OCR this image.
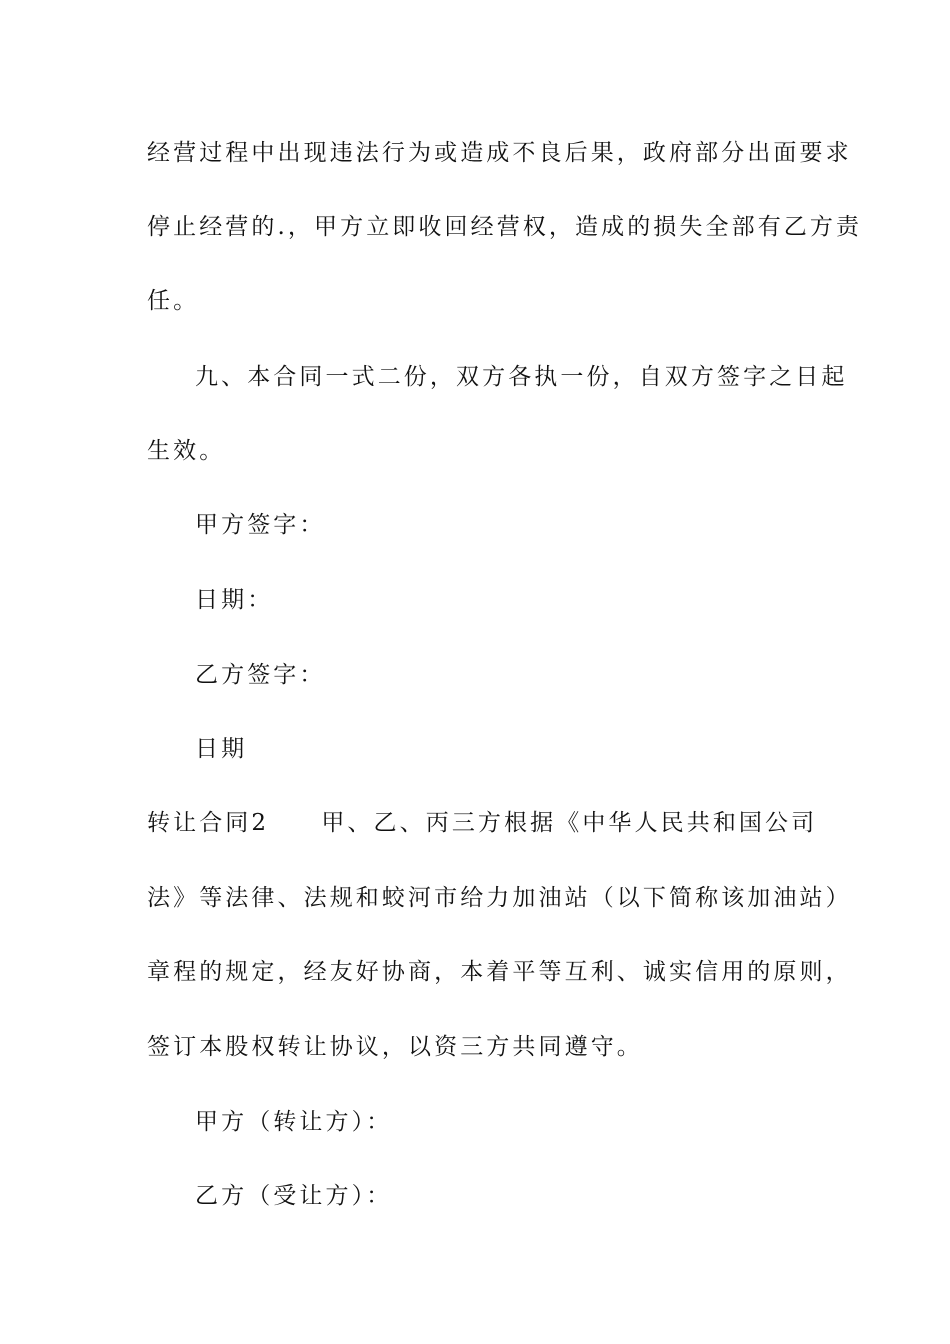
经营过程中出现违法行为或造成不良后果，政府部分出面要求
停止经营的.，甲方立即收回经营权，造成的损失全部有乙方责
任。
九、本合同一式二份，双方各执一份，自双方签字之日起
生效。
甲方签字：
日期：
乙方签字：
日期
转让合同2　　甲、乙、丙三方根据《中华人民共和国公司
法》等法律、法规和蛟河市给力加油站（以下简称该加油站）
章程的规定，经友好协商，本着平等互利、诚实信用的原则，
签订本股权转让协议，以资三方共同遵守。
甲方（转让方）：
乙方（受让方）：
